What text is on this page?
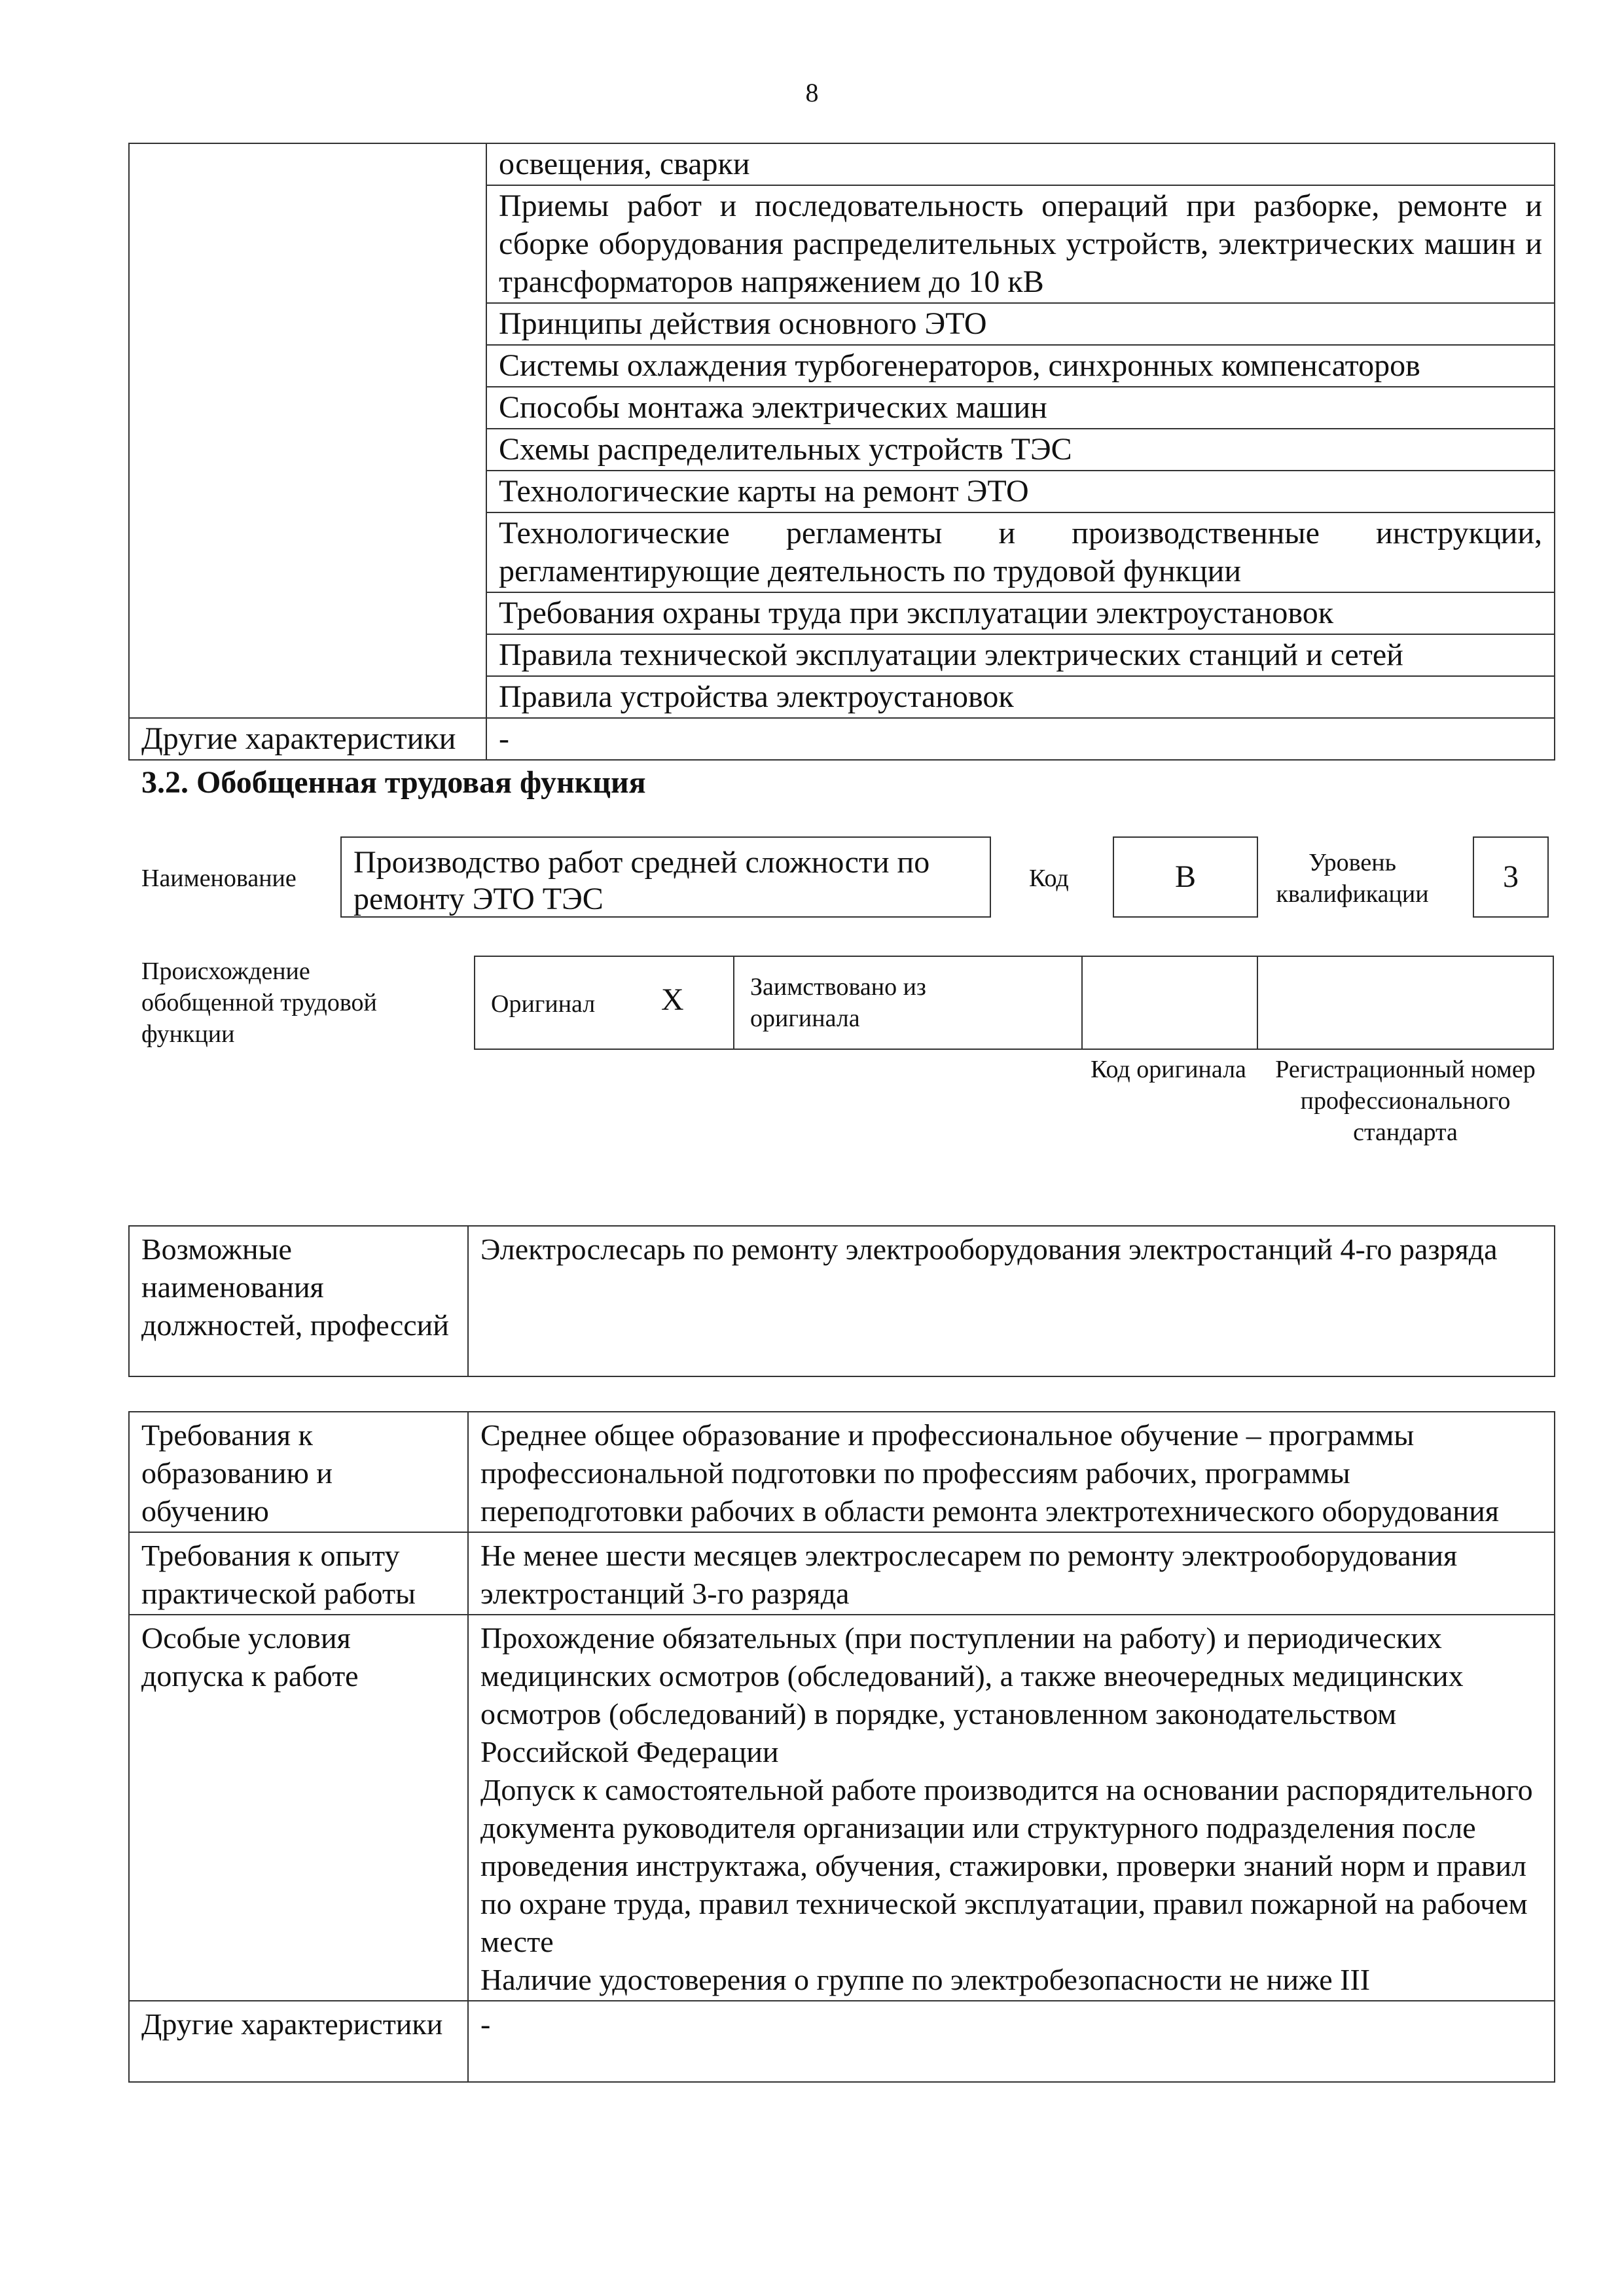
8
	освещения, сварки
	Приемы работ и последовательность операций при разборке, ремонте и сборке оборудования распределительных устройств, электрических машин и трансформаторов напряжением до 10 кВ
	Принципы действия основного ЭТО
	Системы охлаждения турбогенераторов, синхронных компенсаторов
	Способы монтажа электрических машин
	Схемы распределительных устройств ТЭС
	Технологические карты на ремонт ЭТО
	Технологические регламенты и производственные инструкции, регламентирующие деятельность по трудовой функции
	Требования охраны труда при эксплуатации электроустановок
	Правила технической эксплуатации электрических станций и сетей
	Правила устройства электроустановок
Другие характеристики	-
3.2. Обобщенная трудовая функция
Наименование	Производство работ средней сложности по ремонту ЭТО ТЭС
Код	B	Уровень квалификации	3
Происхождение обобщенной трудовой функции
Оригинал X	Заимствовано из оригинала
Код оригинала	Регистрационный номер профессионального стандарта
Возможные наименования должностей, профессий	Электрослесарь по ремонту электрооборудования электростанций 4-го разряда
Требования к образованию и обучению	Среднее общее образование и профессиональное обучение – программы профессиональной подготовки по профессиям рабочих, программы переподготовки рабочих в области ремонта электротехнического оборудования
Требования к опыту практической работы	Не менее шести месяцев электрослесарем по ремонту электрооборудования электростанций 3-го разряда
Особые условия допуска к работе	Прохождение обязательных (при поступлении на работу) и периодических медицинских осмотров (обследований), а также внеочередных медицинских осмотров (обследований) в порядке, установленном законодательством Российской Федерации
Допуск к самостоятельной работе производится на основании распорядительного документа руководителя организации или структурного подразделения после проведения инструктажа, обучения, стажировки, проверки знаний норм и правил по охране труда, правил технической эксплуатации, правил пожарной на рабочем месте
Наличие удостоверения о группе по электробезопасности не ниже III

Другие характеристики	-
